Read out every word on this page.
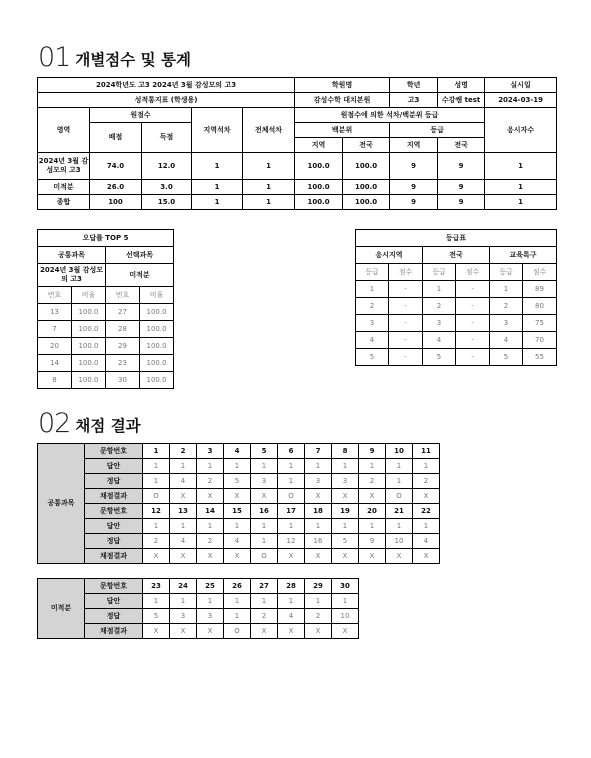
01 개별점수 및 통계
2024학년도 고3 2024년 3월 감성모의 고3					학원명		학년	성명	실시일
성적통지표 (학생용)					감성수학 대치본원		고3	수강쌤 test	2024-03-19
영역	원점수		지역석차	전체석차	원점수에 의한 석차/백분위 등급				응시자수
	배점	득점			백분위		등급		
					지역	전국	지역	전국	
2024년 3월 감성모의 고3	74.0	12.0	1	1	100.0	100.0	9	9	1
미적분	26.0	3.0	1	1	100.0	100.0	9	9	1
종합	100	15.0	1	1	100.0	100.0	9	9	1
오답률 TOP 5			
공통과목		선택과목	
2024년 3월 감성모의 고3		미적분	
번호	비율	번호	비율
13	100.0	27	100.0
7	100.0	28	100.0
20	100.0	29	100.0
14	100.0	23	100.0
8	100.0	30	100.0
등급표					
응시지역		전국		교육특구	
등급	점수	등급	점수	등급	점수
1	-	1	-	1	89
2	-	2	-	2	80
3	-	3	-	3	75
4	-	4	-	4	70
5	-	5	-	5	55
02 채점 결과
공통과목	문항번호	1	2	3	4	5	6	7	8	9	10	11
	답안	1	1	1	1	1	1	1	1	1	1	1
	정답	1	4	2	5	3	1	3	3	2	1	2
	채점결과	O	X	X	X	X	O	X	X	X	O	X
	문항번호	12	13	14	15	16	17	18	19	20	21	22
	답안	1	1	1	1	1	1	1	1	1	1	1
	정답	2	4	2	4	1	12	16	5	9	10	4
	채점결과	X	X	X	X	O	X	X	X	X	X	X
미적분	문항번호	23	24	25	26	27	28	29	30
	답안	1	1	1	1	1	1	1	1
	정답	5	3	3	1	2	4	2	10
	채점결과	X	X	X	O	X	X	X	X
